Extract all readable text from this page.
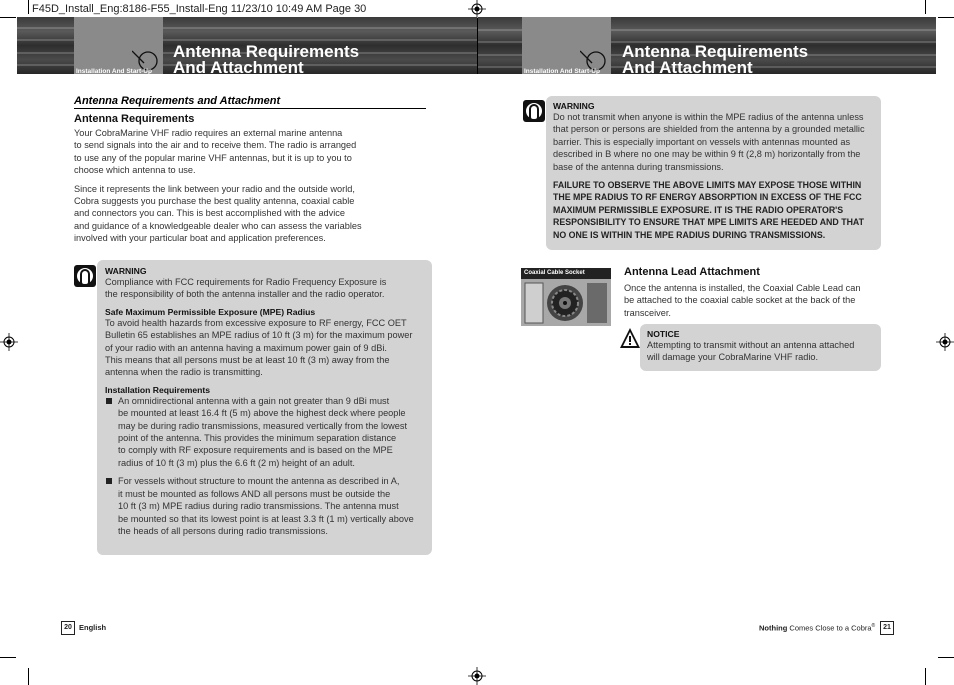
F45D_Install_Eng:8186-F55_Install-Eng 11/23/10 10:49 AM Page 30
Installation And Start-Up
Antenna Requirements
And Attachment	Installation And Start-Up
Antenna Requirements
And Attachment
Antenna Requirements and Attachment
Antenna Requirements

Your CobraMarine VHF radio requires an external marine antenna
to send signals into the air and to receive them. The radio is arranged
to use any of the popular marine VHF antennas, but it is up to you to
choose which antenna to use.

Since it represents the link between your radio and the outside world,
Cobra suggests you purchase the best quality antenna, coaxial cable
and connectors you can. This is best accomplished with the advice
and guidance of a knowledgeable dealer who can assess the variables
involved with your particular boat and application preferences.

WARNING
Compliance with FCC requirements for Radio Frequency Exposure is
the responsibility of both the antenna installer and the radio operator.
Safe Maximum Permissible Exposure (MPE) Radius
To avoid health hazards from excessive exposure to RF energy, FCC OET
Bulletin 65 establishes an MPE radius of 10 ft (3 m) for the maximum power
of your radio with an antenna having a maximum power gain of 9 dBi.
This means that all persons must be at least 10 ft (3 m) away from the
antenna when the radio is transmitting.
Installation Requirements
An omnidirectional antenna with a gain not greater than 9 dBi must
be mounted at least 16.4 ft (5 m) above the highest deck where people
may be during radio transmissions, measured vertically from the lowest
point of the antenna. This provides the minimum separation distance
to comply with RF exposure requirements and is based on the MPE
radius of 10 ft (3 m) plus the 6.6 ft (2 m) height of an adult.
For vessels without structure to mount the antenna as described in A,
it must be mounted as follows AND all persons must be outside the
10 ft (3 m) MPE radius during radio transmissions. The antenna must
be mounted so that its lowest point is at least 3.3 ft (1 m) vertically above
the heads of all persons during radio transmissions.
WARNING
Do not transmit when anyone is within the MPE radius of the antenna unless
that person or persons are shielded from the antenna by a grounded metallic
barrier. This is especially important on vessels with antennas mounted as
described in B where no one may be within 9 ft (2,8 m) horizontally from the
base of the antenna during transmissions.
FAILURE TO OBSERVE THE ABOVE LIMITS MAY EXPOSE THOSE WITHIN
THE MPE RADIUS TO RF ENERGY ABSORPTION IN EXCESS OF THE FCC
MAXIMUM PERMISSIBLE EXPOSURE. IT IS THE RADIO OPERATOR'S
RESPONSIBILITY TO ENSURE THAT MPE LIMITS ARE HEEDED AND THAT
NO ONE IS WITHIN THE MPE RADIUS DURING TRANSMISSIONS.
Coaxial Cable Socket	Antenna Lead Attachment
Once the antenna is installed, the Coaxial Cable Lead can
be attached to the coaxial cable socket at the back of the
transceiver.
NOTICE
Attempting to transmit without an antenna attached
will damage your CobraMarine VHF radio.
20 English	Nothing Comes Close to a Cobra®	21
